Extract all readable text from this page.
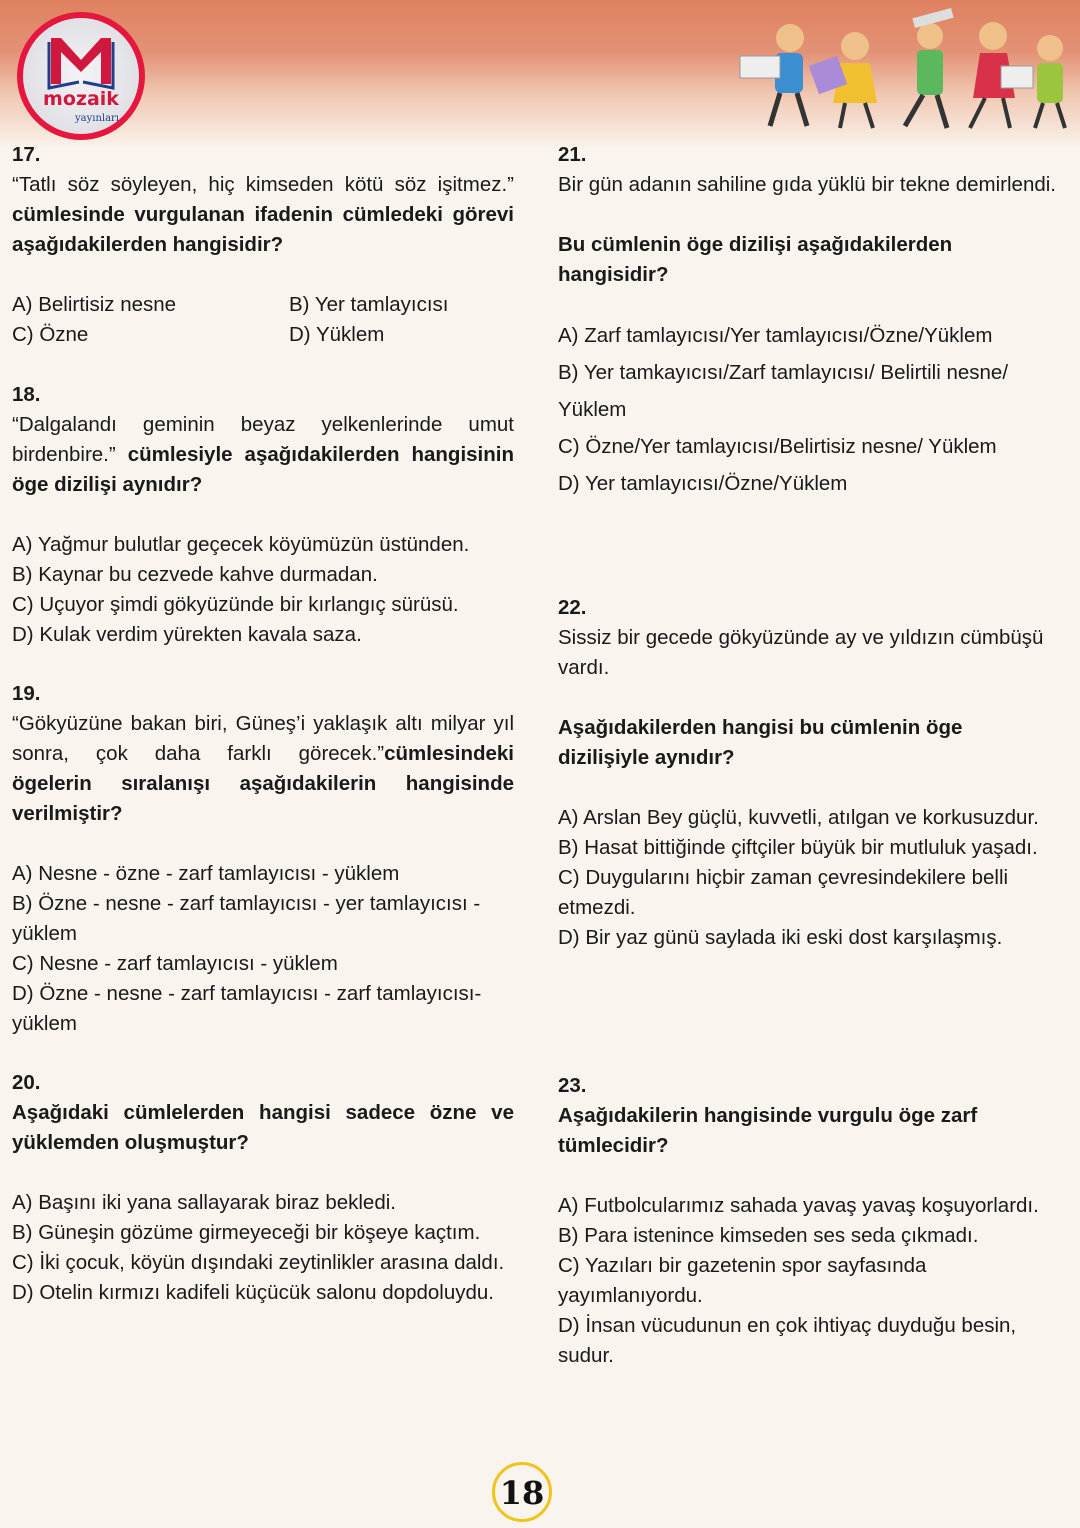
mozaik
yayınları
17.
“Tatlı söz söyleyen, hiç kimseden kötü söz işitmez.” cümlesinde vurgulanan ifadenin cümledeki görevi aşağıdakilerden hangisidir?
A) Belirtisiz nesne	B) Yer tamlayıcısı
C) Özne	D) Yüklem
18.
“Dalgalandı geminin beyaz yelkenlerinde umut birdenbire.” cümlesiyle aşağıdakilerden hangisinin öge dizilişi aynıdır?
A) Yağmur bulutlar geçecek köyümüzün üstünden.
B) Kaynar bu cezvede kahve durmadan.
C) Uçuyor şimdi gökyüzünde bir kırlangıç sürüsü.
D) Kulak verdim yürekten kavala saza.
19.
“Gökyüzüne bakan biri, Güneş’i yaklaşık altı milyar yıl sonra, çok daha farklı görecek.”cümlesindeki ögelerin sıralanışı aşağıdakilerin hangisinde verilmiştir?
A) Nesne - özne - zarf tamlayıcısı - yüklem
B) Özne - nesne - zarf tamlayıcısı - yer tamlayıcısı - yüklem
C) Nesne - zarf tamlayıcısı - yüklem
D) Özne - nesne - zarf tamlayıcısı - zarf tamlayıcısı- yüklem
20.
Aşağıdaki cümlelerden hangisi sadece özne ve yüklemden oluşmuştur?
A) Başını iki yana sallayarak biraz bekledi.
B) Güneşin gözüme girmeyeceği bir köşeye kaçtım.
C) İki çocuk, köyün dışındaki zeytinlikler arasına daldı.
D) Otelin kırmızı kadifeli küçücük salonu dopdoluydu.
21.
Bir gün adanın sahiline gıda yüklü bir tekne demirlendi.
Bu cümlenin öge dizilişi aşağıdakilerden hangisidir?
A) Zarf tamlayıcısı/Yer tamlayıcısı/Özne/Yüklem
B) Yer tamkayıcısı/Zarf tamlayıcısı/ Belirtili nesne/ Yüklem
C) Özne/Yer tamlayıcısı/Belirtisiz nesne/ Yüklem
D) Yer tamlayıcısı/Özne/Yüklem
22.
Sissiz bir gecede gökyüzünde ay ve yıldızın cümbüşü vardı.
Aşağıdakilerden hangisi bu cümlenin öge dizilişiyle aynıdır?
A) Arslan Bey güçlü, kuvvetli, atılgan ve korkusuzdur.
B) Hasat bittiğinde çiftçiler büyük bir mutluluk yaşadı.
C) Duygularını hiçbir zaman çevresindekilere belli etmezdi.
D) Bir yaz günü saylada iki eski dost karşılaşmış.
23.
Aşağıdakilerin hangisinde vurgulu öge zarf tümlecidir?
A) Futbolcularımız sahada yavaş yavaş koşuyorlardı.
B) Para istenince kimseden ses seda çıkmadı.
C) Yazıları bir gazetenin spor sayfasında yayımlanıyordu.
D) İnsan vücudunun en çok ihtiyaç duyduğu besin, sudur.
18
